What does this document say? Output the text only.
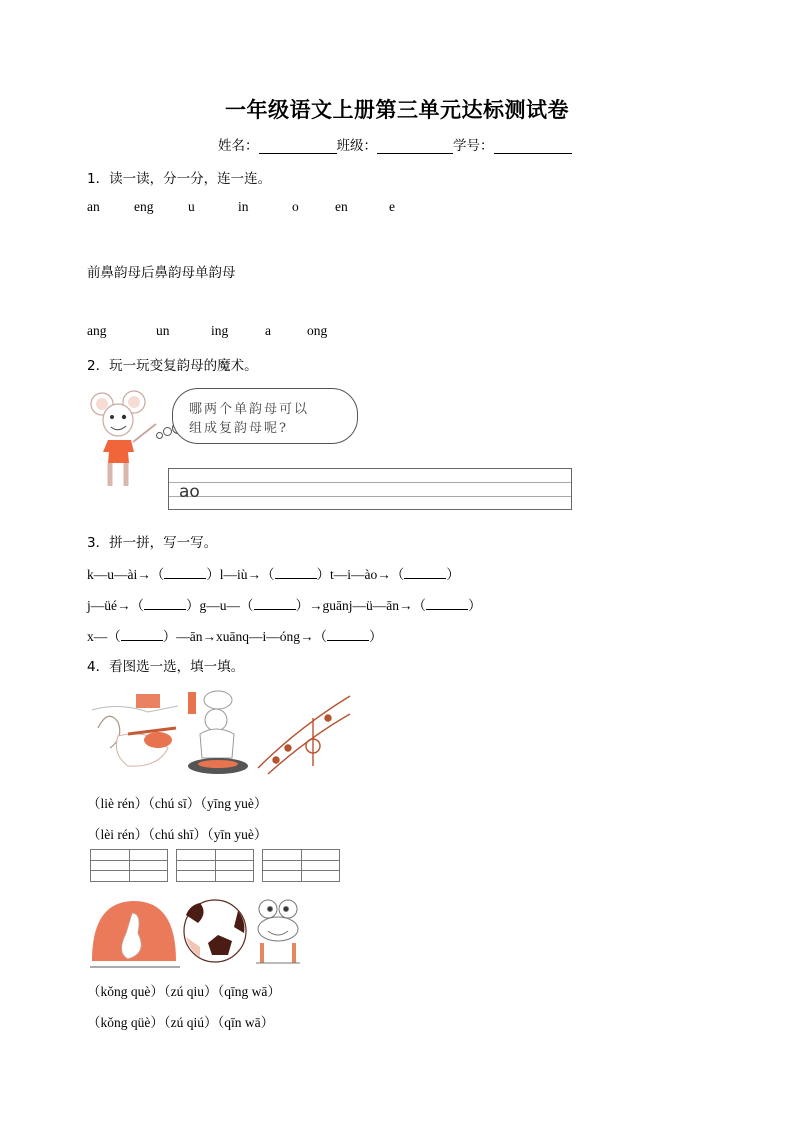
一年级语文上册第三单元达标测试卷
姓名：	班级：	学号：
1．读一读，分一分，连一连。
an	eng	u	in	o	en	e
前鼻韵母后鼻韵母单韵母
ang	un	ing	a	ong
2．玩一玩变复韵母的魔术。
哪两个单韵母可以
组成复韵母呢?
ao
3．拼一拼，写一写。
k—u—ài→（	）l—iù→（	）t—i—ào→（	）
j—üé→（	）g—u—（	）→guānj—ü—ān→（	）
x—（	）—ān→xuānq—i—óng→（	）
4．看图选一选，填一填。
（liè rén）（chú sī）（yīng yuè）
（lèi rén）（chú shī）（yīn yuè）
（kǒng què）（zú qiu）（qīng wā）
（kǒng qüè）（zú qiú）（qīn wā）
